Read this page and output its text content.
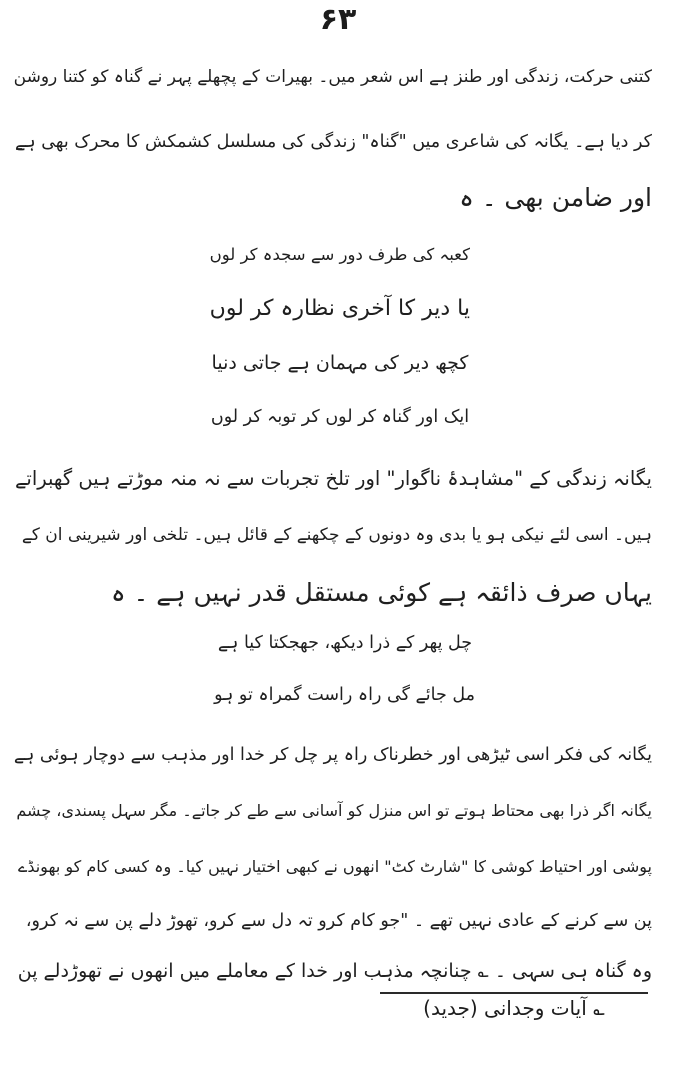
۶۳
کتنی حرکت، زندگی اور طنز ہے اس شعر میں۔ بھیرات کے پچھلے پہر نے گناہ کو کتنا روشن
کر دیا ہے۔ یگانہ کی شاعری میں "گناہ" زندگی کی مسلسل کشمکش کا محرک بھی ہے
اور ضامن بھی ۔ ہ
کعبہ کی طرف دور سے سجدہ کر لوں
یا دیر کا آخری نظارہ کر لوں
کچھ دیر کی مہمان ہے جاتی دنیا
ایک اور گناہ کر لوں کر توبہ کر لوں
یگانہ زندگی کے "مشاہدۂ ناگوار" اور تلخ تجربات سے نہ منہ موڑتے ہیں گھبراتے
ہیں۔ اسی لئے نیکی ہو یا بدی وہ دونوں کے چکھنے کے قائل ہیں۔ تلخی اور شیرینی ان کے
یہاں صرف ذائقہ ہے کوئی مستقل قدر نہیں ہے ۔ ہ
چل پھر کے ذرا دیکھ، جھجکتا کیا ہے
مل جائے گی راہ راست گمراہ تو ہو
یگانہ کی فکر اسی ٹیڑھی اور خطرناک راہ پر چل کر خدا اور مذہب سے دوچار ہوئی ہے
یگانہ اگر ذرا بھی محتاط ہوتے تو اس منزل کو آسانی سے طے کر جاتے۔ مگر سہل پسندی، چشم
پوشی اور احتیاط کوشی کا "شارٹ کٹ" انھوں نے کبھی اختیار نہیں کیا۔ وہ کسی کام کو بھونڈے
پن سے کرنے کے عادی نہیں تھے ۔ "جو کام کرو تہ دل سے کرو، تھوڑ دلے پن سے نہ کرو،
وہ گناہ ہی سہی ۔ ؎ چنانچہ مذہب اور خدا کے معاملے میں انھوں نے تھوڑدلے پن
؎ آیات وجدانی (جدید)
